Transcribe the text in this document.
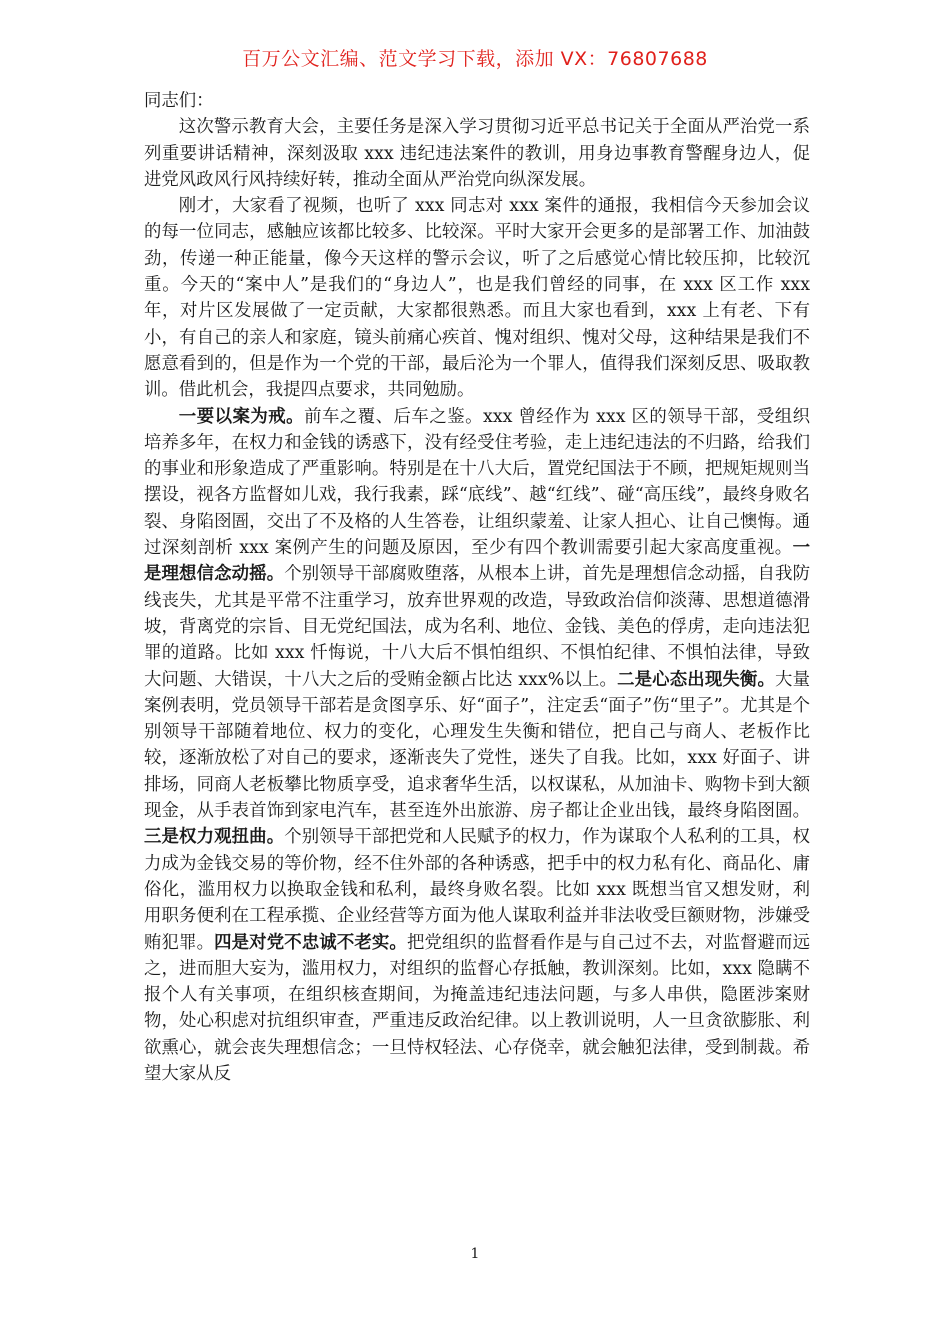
百万公文汇编、范文学习下载，添加 VX：76807688

同志们：

这次警示教育大会，主要任务是深入学习贯彻习近平总书记关于全面从严治党一系列重要讲话精神，深刻汲取 xxx 违纪违法案件的教训，用身边事教育警醒身边人，促进党风政风行风持续好转，推动全面从严治党向纵深发展。

刚才，大家看了视频，也听了 xxx 同志对 xxx 案件的通报，我相信今天参加会议的每一位同志，感触应该都比较多、比较深。平时大家开会更多的是部署工作、加油鼓劲，传递一种正能量，像今天这样的警示会议，听了之后感觉心情比较压抑，比较沉重。今天的“案中人”是我们的“身边人”，也是我们曾经的同事，在 xxx 区工作 xxx 年，对片区发展做了一定贡献，大家都很熟悉。而且大家也看到，xxx 上有老、下有小，有自己的亲人和家庭，镜头前痛心疾首、愧对组织、愧对父母，这种结果是我们不愿意看到的，但是作为一个党的干部，最后沦为一个罪人，值得我们深刻反思、吸取教训。借此机会，我提四点要求，共同勉励。

一要以案为戒。前车之覆、后车之鉴。xxx 曾经作为 xxx 区的领导干部，受组织培养多年，在权力和金钱的诱惑下，没有经受住考验，走上违纪违法的不归路，给我们的事业和形象造成了严重影响。特别是在十八大后，置党纪国法于不顾，把规矩规则当摆设，视各方监督如儿戏，我行我素，踩“底线”、越“红线”、碰“高压线”，最终身败名裂、身陷囹圄，交出了不及格的人生答卷，让组织蒙羞、让家人担心、让自己懊悔。通过深刻剖析 xxx 案例产生的问题及原因，至少有四个教训需要引起大家高度重视。一是理想信念动摇。个别领导干部腐败堕落，从根本上讲，首先是理想信念动摇，自我防线丧失，尤其是平常不注重学习，放弃世界观的改造，导致政治信仰淡薄、思想道德滑坡，背离党的宗旨、目无党纪国法，成为名利、地位、金钱、美色的俘虏，走向违法犯罪的道路。比如 xxx 忏悔说，十八大后不惧怕组织、不惧怕纪律、不惧怕法律，导致大问题、大错误，十八大之后的受贿金额占比达 xxx%以上。二是心态出现失衡。大量案例表明，党员领导干部若是贪图享乐、好“面子”，注定丢“面子”伤“里子”。尤其是个别领导干部随着地位、权力的变化，心理发生失衡和错位，把自己与商人、老板作比较，逐渐放松了对自己的要求，逐渐丧失了党性，迷失了自我。比如，xxx 好面子、讲排场，同商人老板攀比物质享受，追求奢华生活，以权谋私，从加油卡、购物卡到大额现金，从手表首饰到家电汽车，甚至连外出旅游、房子都让企业出钱，最终身陷囹圄。三是权力观扭曲。个别领导干部把党和人民赋予的权力，作为谋取个人私利的工具，权力成为金钱交易的等价物，经不住外部的各种诱惑，把手中的权力私有化、商品化、庸俗化，滥用权力以换取金钱和私利，最终身败名裂。比如 xxx 既想当官又想发财，利用职务便利在工程承揽、企业经营等方面为他人谋取利益并非法收受巨额财物，涉嫌受贿犯罪。四是对党不忠诚不老实。把党组织的监督看作是与自己过不去，对监督避而远之，进而胆大妄为，滥用权力，对组织的监督心存抵触，教训深刻。比如，xxx 隐瞒不报个人有关事项，在组织核查期间，为掩盖违纪违法问题，与多人串供，隐匿涉案财物，处心积虑对抗组织审查，严重违反政治纪律。以上教训说明，人一旦贪欲膨胀、利欲熏心，就会丧失理想信念；一旦恃权轻法、心存侥幸，就会触犯法律，受到制裁。希望大家从反

1
